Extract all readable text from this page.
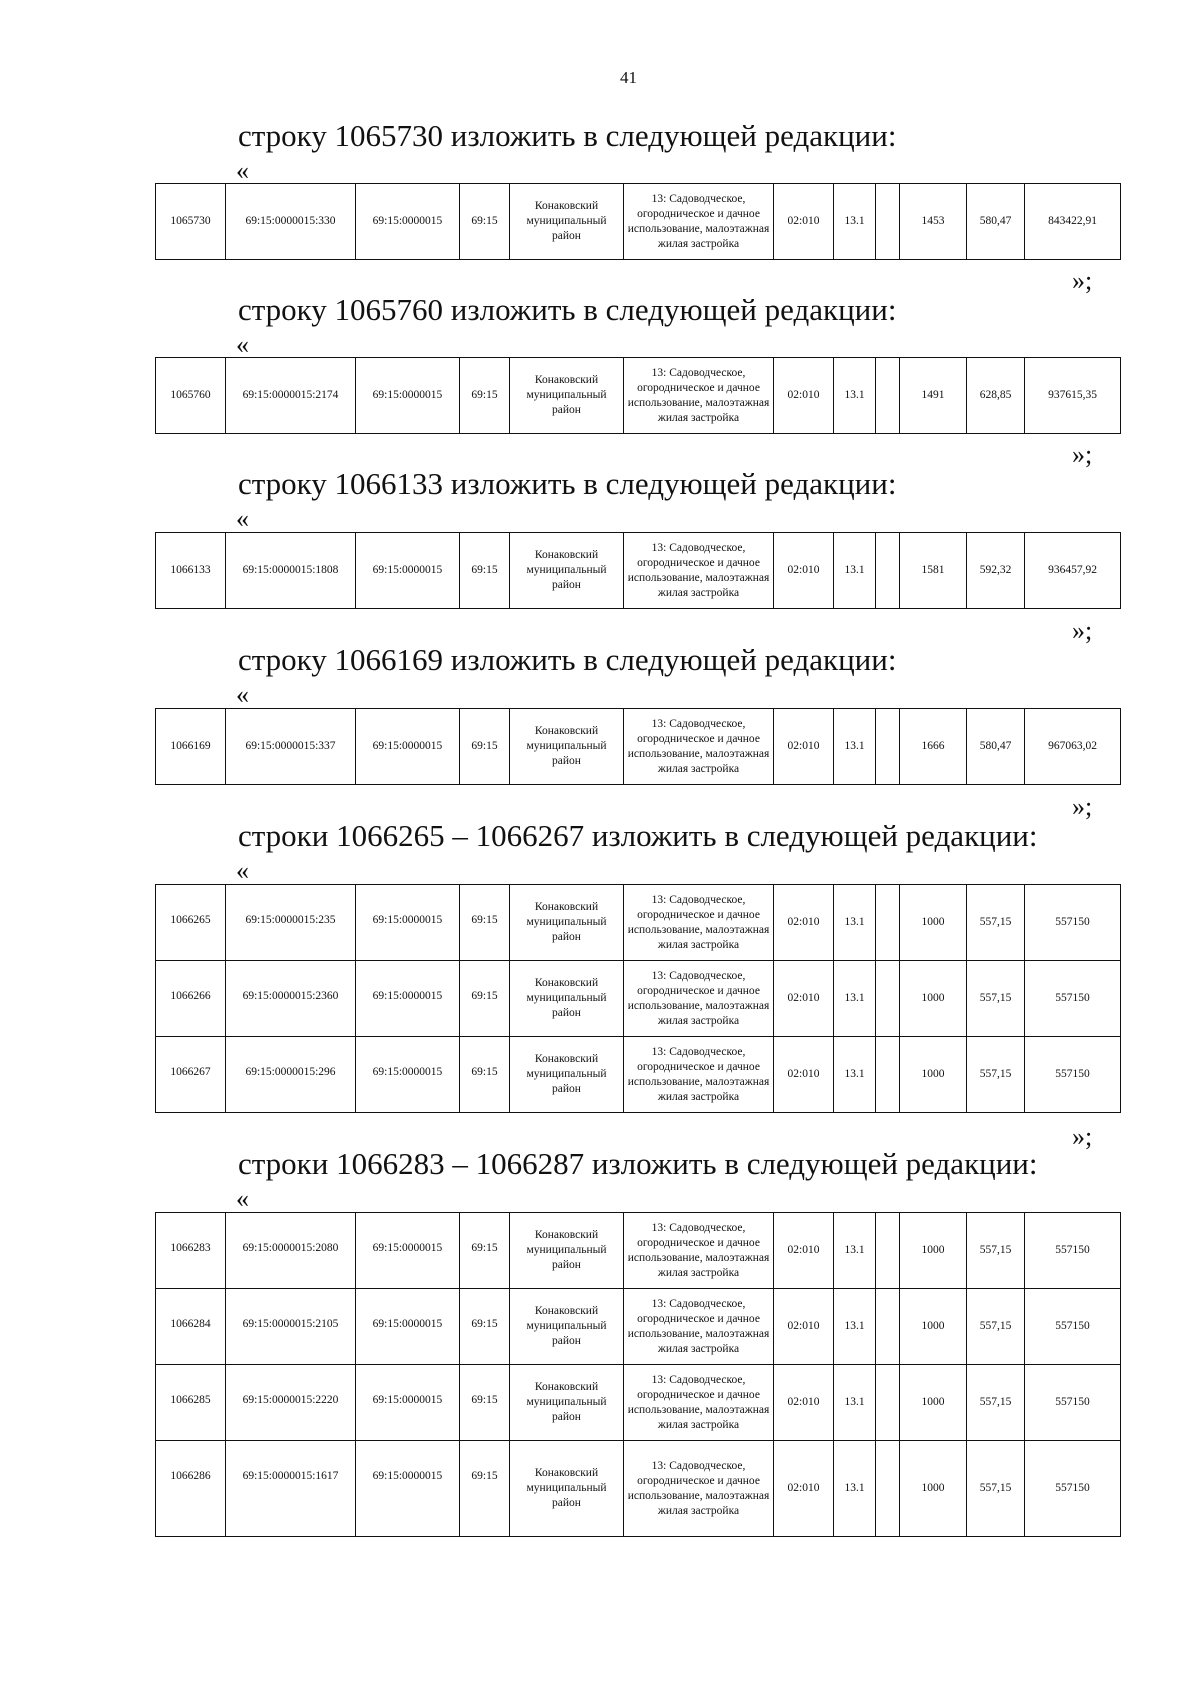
41
строку 1065730 изложить в следующей редакции:
«
1065730	69:15:0000015:330	69:15:0000015	69:15	Конаковский муниципальный район	13: Садоводческое, огородническое и дачное использование, малоэтажная жилая застройка	02:010	13.1		1453	580,47	843422,91
»;
строку 1065760 изложить в следующей редакции:
«
1065760	69:15:0000015:2174	69:15:0000015	69:15	Конаковский муниципальный район	13: Садоводческое, огородническое и дачное использование, малоэтажная жилая застройка	02:010	13.1		1491	628,85	937615,35
»;
строку 1066133 изложить в следующей редакции:
«
1066133	69:15:0000015:1808	69:15:0000015	69:15	Конаковский муниципальный район	13: Садоводческое, огородническое и дачное использование, малоэтажная жилая застройка	02:010	13.1		1581	592,32	936457,92
»;
строку 1066169 изложить в следующей редакции:
«
1066169	69:15:0000015:337	69:15:0000015	69:15	Конаковский муниципальный район	13: Садоводческое, огородническое и дачное использование, малоэтажная жилая застройка	02:010	13.1		1666	580,47	967063,02
»;
строки 1066265 – 1066267 изложить в следующей редакции:
«
1066265	69:15:0000015:235	69:15:0000015	69:15	Конаковский муниципальный район	13: Садоводческое, огородническое и дачное использование, малоэтажная жилая застройка	02:010	13.1		1000	557,15	557150
1066266	69:15:0000015:2360	69:15:0000015	69:15	Конаковский муниципальный район	13: Садоводческое, огородническое и дачное использование, малоэтажная жилая застройка	02:010	13.1		1000	557,15	557150
1066267	69:15:0000015:296	69:15:0000015	69:15	Конаковский муниципальный район	13: Садоводческое, огородническое и дачное использование, малоэтажная жилая застройка	02:010	13.1		1000	557,15	557150
»;
строки 1066283 – 1066287 изложить в следующей редакции:
«
1066283	69:15:0000015:2080	69:15:0000015	69:15	Конаковский муниципальный район	13: Садоводческое, огородническое и дачное использование, малоэтажная жилая застройка	02:010	13.1		1000	557,15	557150
1066284	69:15:0000015:2105	69:15:0000015	69:15	Конаковский муниципальный район	13: Садоводческое, огородническое и дачное использование, малоэтажная жилая застройка	02:010	13.1		1000	557,15	557150
1066285	69:15:0000015:2220	69:15:0000015	69:15	Конаковский муниципальный район	13: Садоводческое, огородническое и дачное использование, малоэтажная жилая застройка	02:010	13.1		1000	557,15	557150
1066286	69:15:0000015:1617	69:15:0000015	69:15	Конаковский муниципальный район	13: Садоводческое, огородническое и дачное использование, малоэтажная жилая застройка	02:010	13.1		1000	557,15	557150
